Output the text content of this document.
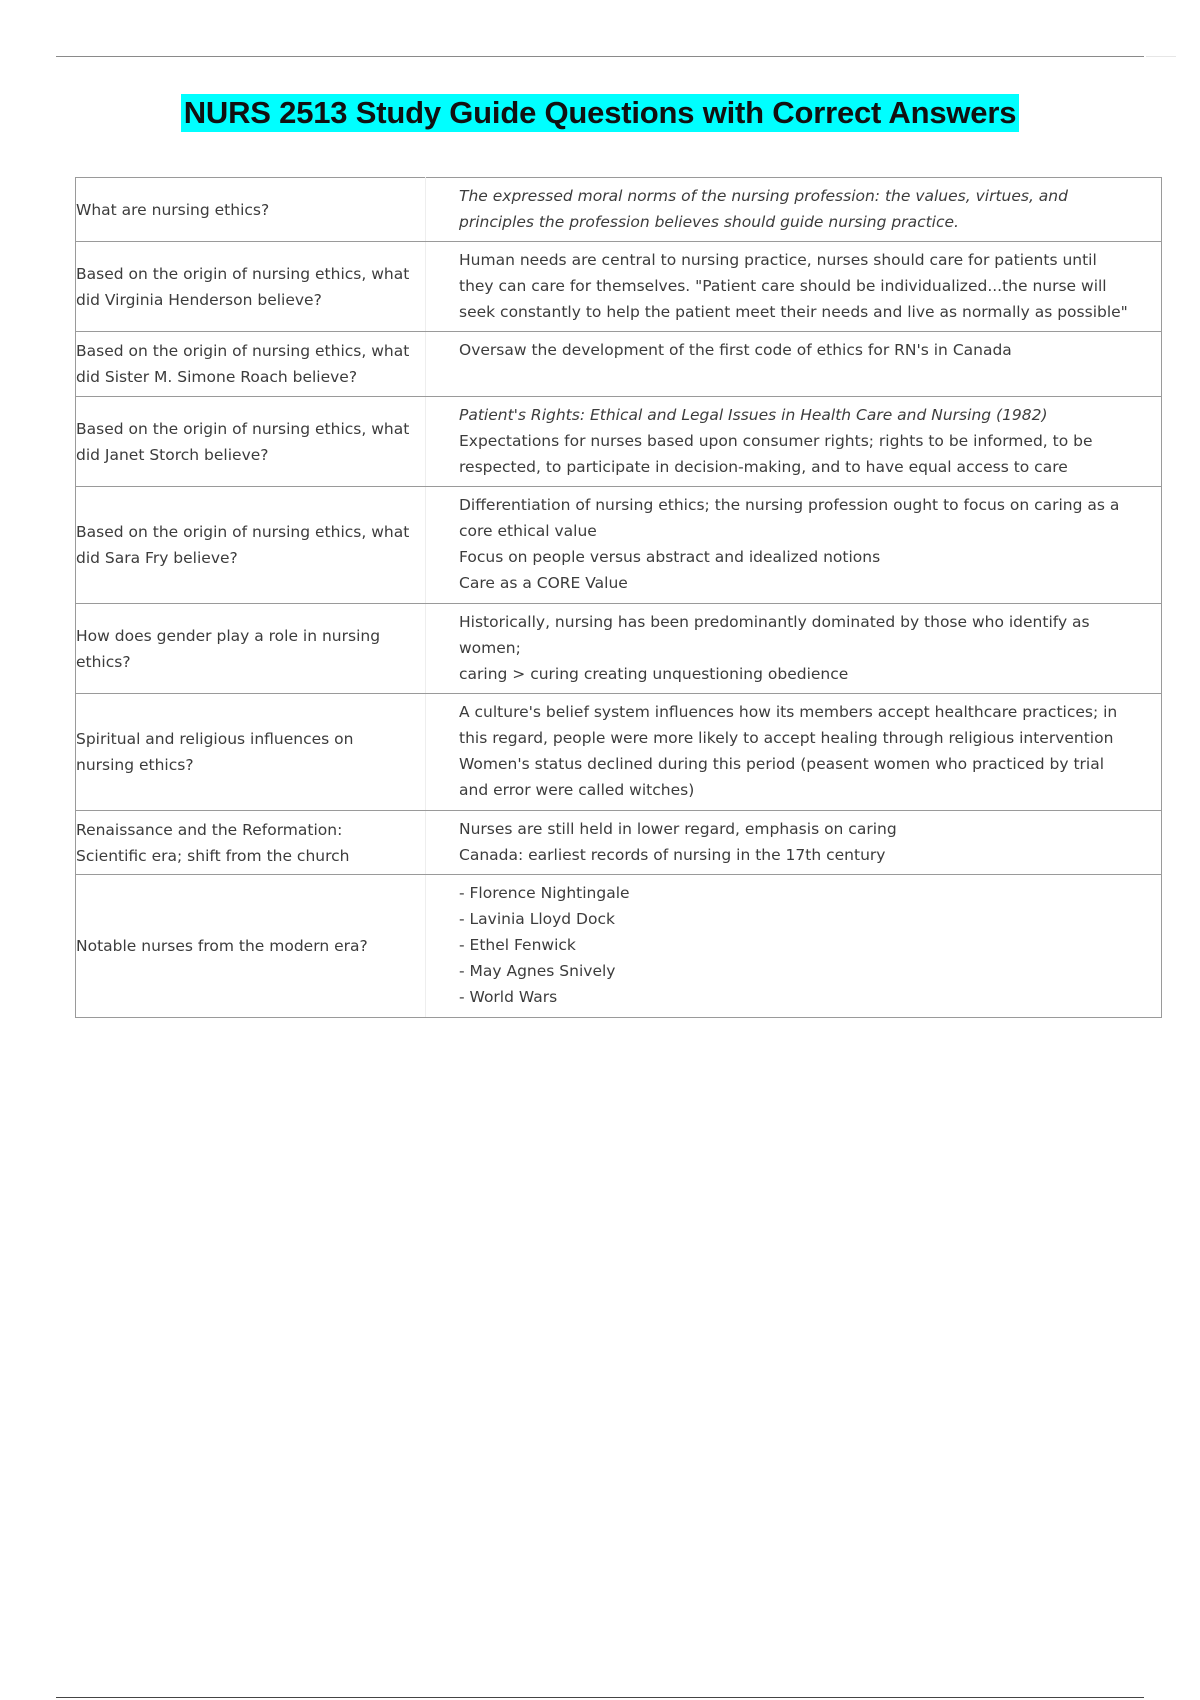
NURS 2513 Study Guide Questions with Correct Answers
What are nursing ethics?	The expressed moral norms of the nursing profession: the values, virtues, and
principles the profession believes should guide nursing practice.

Based on the origin of nursing ethics, what did Virginia Henderson believe?	Human needs are central to nursing practice, nurses should care for patients until
they can care for themselves. "Patient care should be individualized...the nurse will
seek constantly to help the patient meet their needs and live as normally as possible"

Based on the origin of nursing ethics, what did Sister M. Simone Roach believe?	Oversaw the development of the first code of ethics for RN's in Canada

Based on the origin of nursing ethics, what did Janet Storch believe?	Patient's Rights: Ethical and Legal Issues in Health Care and Nursing (1982)
Expectations for nurses based upon consumer rights; rights to be informed, to be
respected, to participate in decision-making, and to have equal access to care

Based on the origin of nursing ethics, what did Sara Fry believe?	Differentiation of nursing ethics; the nursing profession ought to focus on caring as a
core ethical value
Focus on people versus abstract and idealized notions
Care as a CORE Value

How does gender play a role in nursing ethics?	Historically, nursing has been predominantly dominated by those who identify as
women;
caring > curing creating unquestioning obedience

Spiritual and religious influences on nursing ethics?	A culture's belief system influences how its members accept healthcare practices; in
this regard, people were more likely to accept healing through religious intervention
Women's status declined during this period (peasent women who practiced by trial
and error were called witches)

Renaissance and the Reformation: Scientific era; shift from the church	Nurses are still held in lower regard, emphasis on caring
Canada: earliest records of nursing in the 17th century

Notable nurses from the modern era?	- Florence Nightingale
- Lavinia Lloyd Dock
- Ethel Fenwick
- May Agnes Snively
- World Wars
